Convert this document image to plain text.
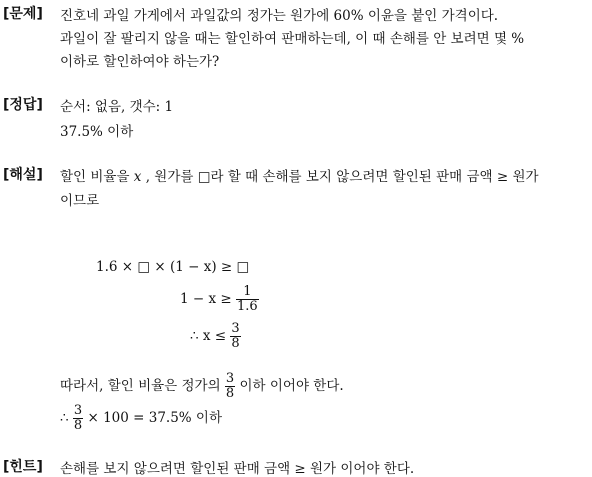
[문제] 진호네 과일 가게에서 과일값의 정가는 원가에 60% 이윤을 붙인 가격이다.
과일이 잘 팔리지 않을 때는 할인하여 판매하는데, 이 때 손해를 안 보려면 몇 %
이하로 할인하여야 하는가?
[정답] 순서: 없음, 갯수: 1
37.5% 이하
[해설] 할인 비율을 x , 원가를 □라 할 때 손해를 보지 않으려면 할인된 판매 금액 ≥ 원가
이므로
1.6 × □ × (1 − x) ≥ □
$1 - x \ge \frac{1}{1.6}$
∴ $x \le \frac{3}{8}$
따라서, 할인 비율은 정가의 $\frac{3}{8}$ 이하 이어야 한다.
∴ $\frac{3}{8} \times 100 = 37.5\%$ 이하
[힌트] 손해를 보지 않으려면 할인된 판매 금액 ≥ 원가 이어야 한다.
